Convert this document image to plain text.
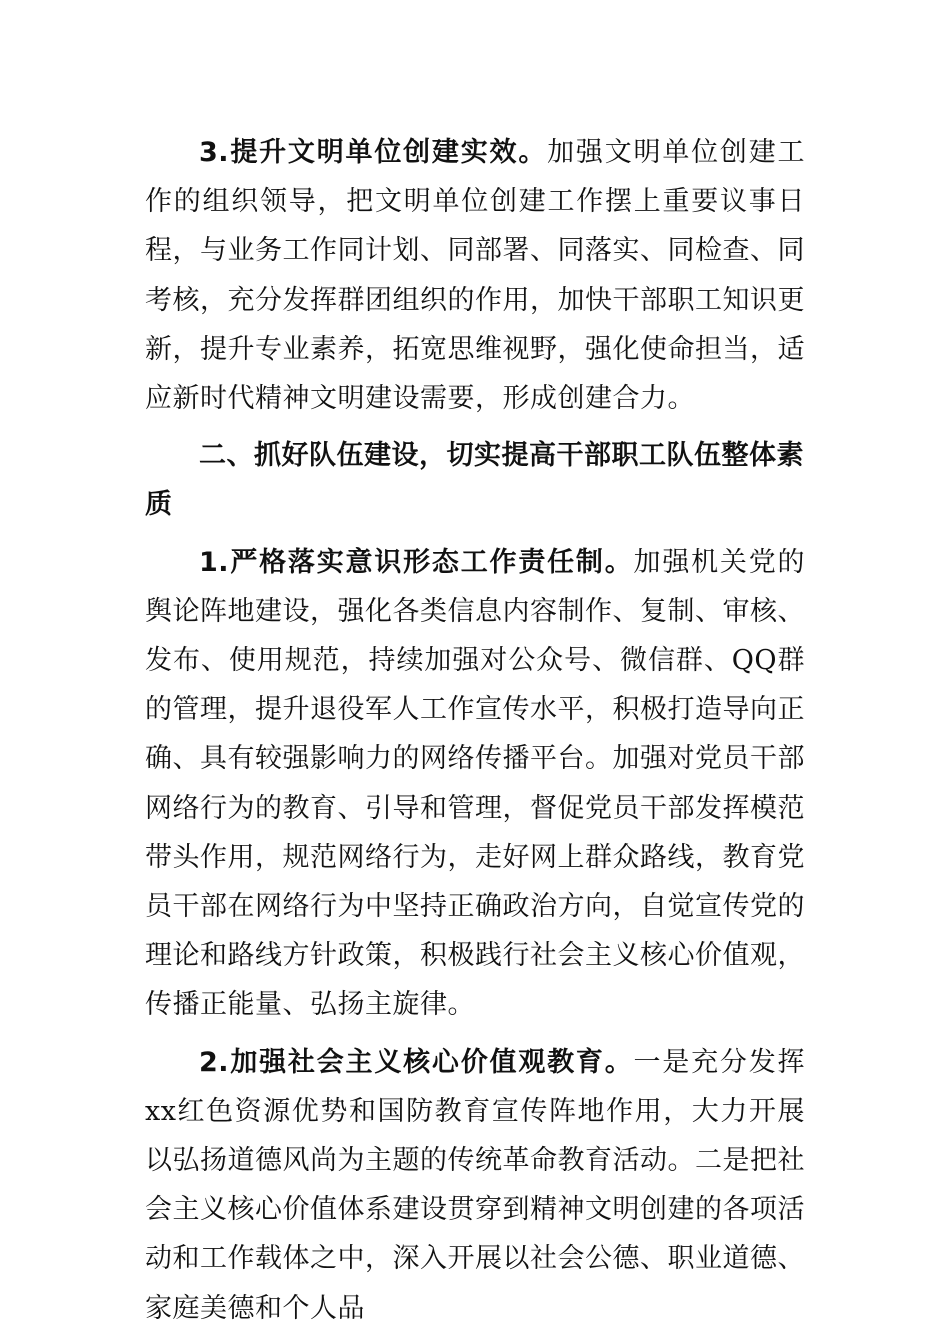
3.提升文明单位创建实效。加强文明单位创建工作的组织领导，把文明单位创建工作摆上重要议事日程，与业务工作同计划、同部署、同落实、同检查、同考核，充分发挥群团组织的作用，加快干部职工知识更新，提升专业素养，拓宽思维视野，强化使命担当，适应新时代精神文明建设需要，形成创建合力。

二、抓好队伍建设，切实提高干部职工队伍整体素质

1.严格落实意识形态工作责任制。加强机关党的舆论阵地建设，强化各类信息内容制作、复制、审核、发布、使用规范，持续加强对公众号、微信群、QQ群的管理，提升退役军人工作宣传水平，积极打造导向正确、具有较强影响力的网络传播平台。加强对党员干部网络行为的教育、引导和管理，督促党员干部发挥模范带头作用，规范网络行为，走好网上群众路线，教育党员干部在网络行为中坚持正确政治方向，自觉宣传党的理论和路线方针政策，积极践行社会主义核心价值观，传播正能量、弘扬主旋律。

2.加强社会主义核心价值观教育。一是充分发挥xx红色资源优势和国防教育宣传阵地作用，大力开展以弘扬道德风尚为主题的传统革命教育活动。二是把社会主义核心价值体系建设贯穿到精神文明创建的各项活动和工作载体之中，深入开展以社会公德、职业道德、家庭美德和个人品
